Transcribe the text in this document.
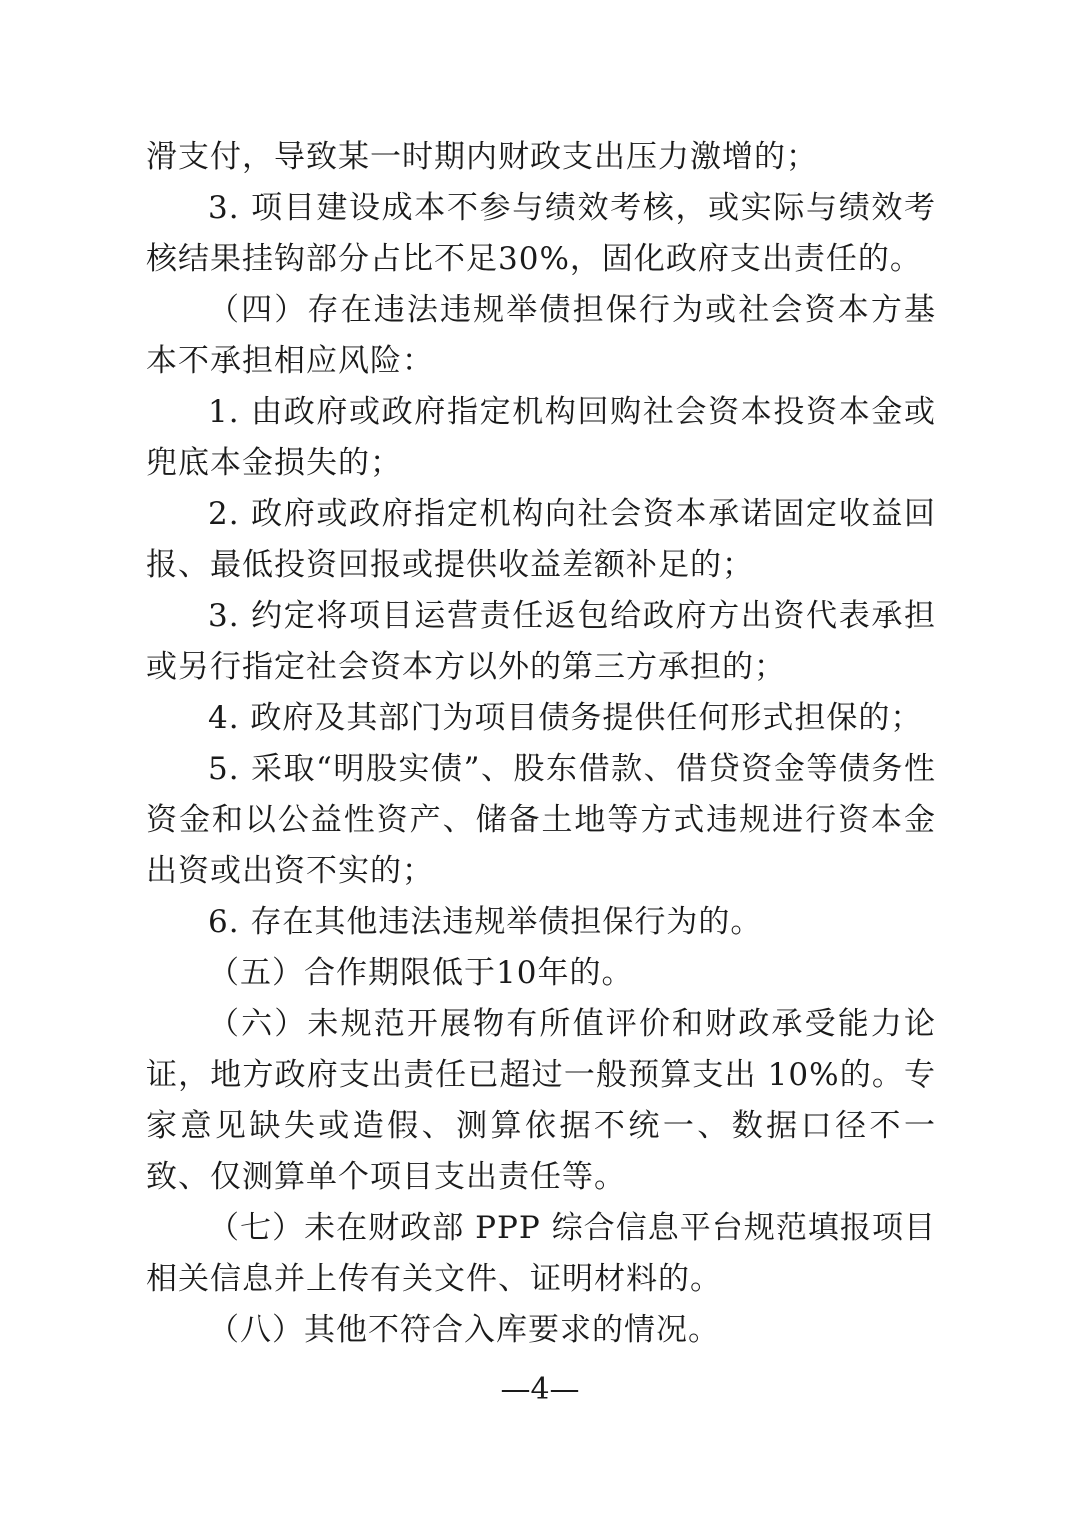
滑支付，导致某一时期内财政支出压力激增的；

3. 项目建设成本不参与绩效考核，或实际与绩效考核结果挂钩部分占比不足30%，固化政府支出责任的。

（四）存在违法违规举债担保行为或社会资本方基本不承担相应风险：

1. 由政府或政府指定机构回购社会资本投资本金或兜底本金损失的；

2. 政府或政府指定机构向社会资本承诺固定收益回报、最低投资回报或提供收益差额补足的；

3. 约定将项目运营责任返包给政府方出资代表承担或另行指定社会资本方以外的第三方承担的；

4. 政府及其部门为项目债务提供任何形式担保的；

5. 采取“明股实债”、股东借款、借贷资金等债务性资金和以公益性资产、储备土地等方式违规进行资本金出资或出资不实的；

6. 存在其他违法违规举债担保行为的。

（五）合作期限低于10年的。

（六）未规范开展物有所值评价和财政承受能力论证，地方政府支出责任已超过一般预算支出 10%的。专家意见缺失或造假、测算依据不统一、数据口径不一致、仅测算单个项目支出责任等。

（七）未在财政部 PPP 综合信息平台规范填报项目相关信息并上传有关文件、证明材料的。

（八）其他不符合入库要求的情况。

—4—
